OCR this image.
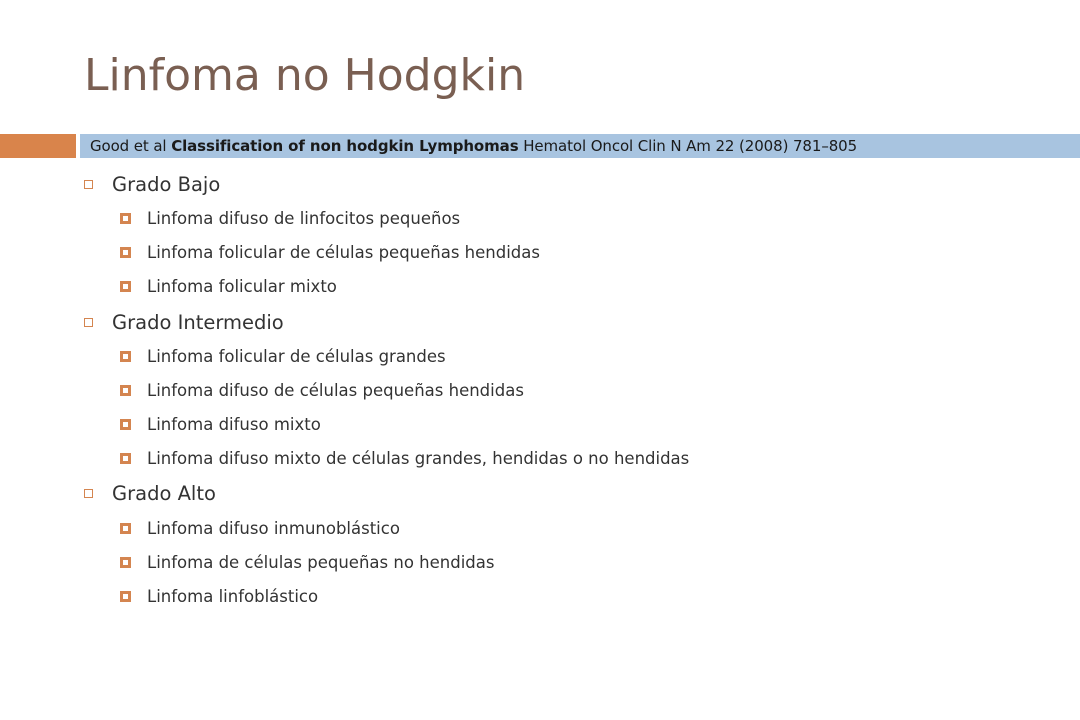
Linfoma no Hodgkin
Good et al Classification of non hodgkin Lymphomas Hematol Oncol Clin N Am 22 (2008) 781–805
Grado Bajo
Linfoma difuso de linfocitos pequeños
Linfoma folicular de células pequeñas hendidas
Linfoma folicular mixto
Grado Intermedio
Linfoma folicular de células grandes
Linfoma difuso de células pequeñas hendidas
Linfoma difuso mixto
Linfoma difuso mixto de células grandes, hendidas o no hendidas
Grado Alto
Linfoma difuso inmunoblástico
Linfoma de células pequeñas no hendidas
Linfoma linfoblástico
